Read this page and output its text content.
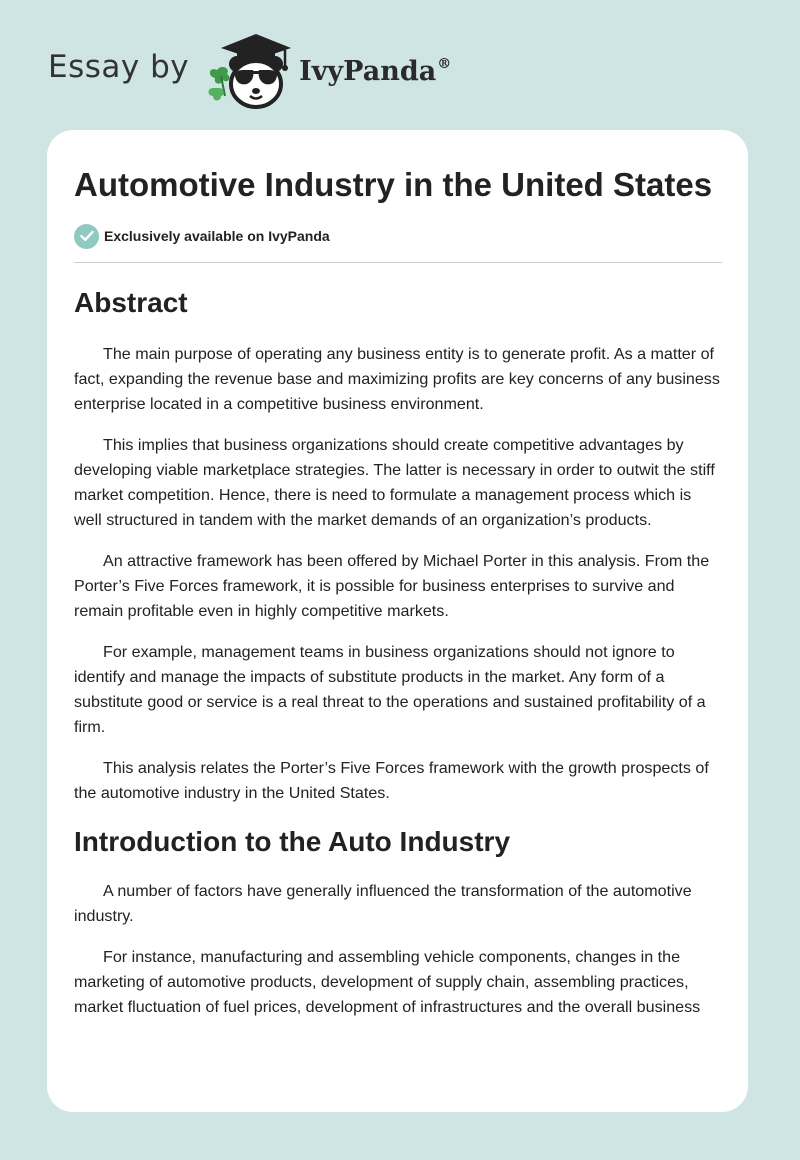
Essay by	IvyPanda®
Automotive Industry in the United States
Exclusively available on IvyPanda
Abstract

The main purpose of operating any business entity is to generate profit. As a matter of fact, expanding the revenue base and maximizing profits are key concerns of any business enterprise located in a competitive business environment.

This implies that business organizations should create competitive advantages by developing viable marketplace strategies. The latter is necessary in order to outwit the stiff market competition. Hence, there is need to formulate a management process which is well structured in tandem with the market demands of an organization’s products.

An attractive framework has been offered by Michael Porter in this analysis. From the Porter’s Five Forces framework, it is possible for business enterprises to survive and remain profitable even in highly competitive markets.

For example, management teams in business organizations should not ignore to identify and manage the impacts of substitute products in the market. Any form of a substitute good or service is a real threat to the operations and sustained profitability of a firm.

This analysis relates the Porter’s Five Forces framework with the growth prospects of the automotive industry in the United States.

Introduction to the Auto Industry

A number of factors have generally influenced the transformation of the automotive industry.

For instance, manufacturing and assembling vehicle components, changes in the marketing of automotive products, development of supply chain, assembling practices, market fluctuation of fuel prices, development of infrastructures and the overall business
